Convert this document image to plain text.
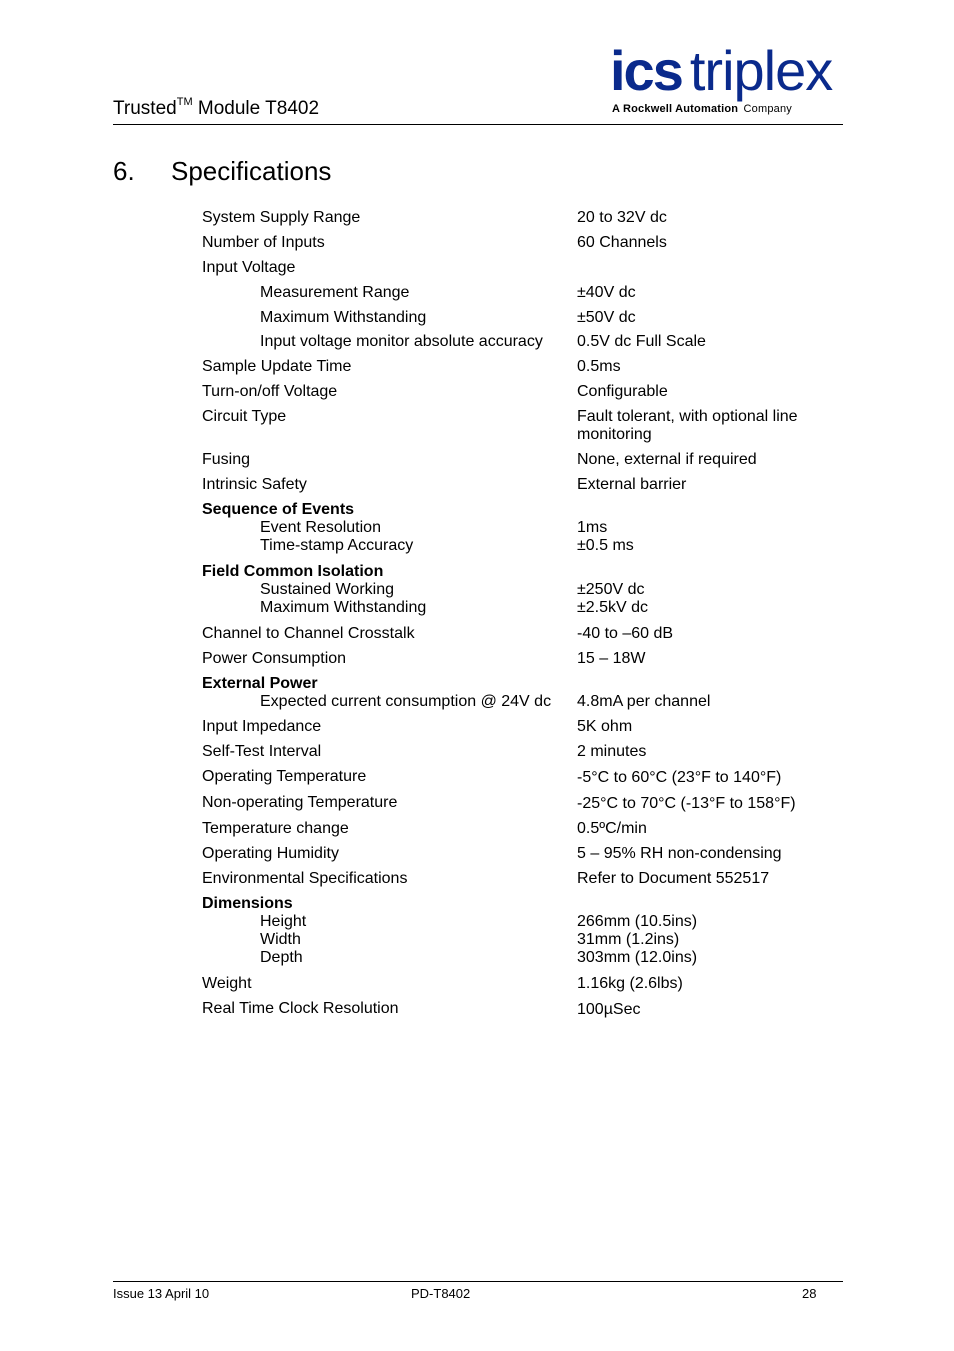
Trusted™ Module T8402
ics triplex
A Rockwell Automation Company
6. Specifications
System Supply Range	20 to 32V dc
Number of Inputs	60 Channels
Input Voltage
Measurement Range	±40V dc
Maximum Withstanding	±50V dc
Input voltage monitor absolute accuracy 0.5V dc Full Scale
Sample Update Time	0.5ms
Turn-on/off Voltage	Configurable
Circuit Type	Fault tolerant, with optional line monitoring
Fusing	None, external if required
Intrinsic Safety	External barrier
Sequence of Events
Event Resolution	1ms
Time-stamp Accuracy	±0.5 ms
Field Common Isolation
Sustained Working	±250V dc
Maximum Withstanding	±2.5kV dc
Channel to Channel Crosstalk	-40 to –60 dB
Power Consumption	15 – 18W
External Power
Expected current consumption @ 24V dc 4.8mA per channel
Input Impedance	5K ohm
Self-Test Interval	2 minutes
Operating Temperature	-5°C to 60°C (23°F to 140°F)
Non-operating Temperature	-25°C to 70°C (-13°F to 158°F)
Temperature change	0.5ºC/min
Operating Humidity	5 – 95% RH non-condensing
Environmental Specifications	Refer to Document 552517
Dimensions
Height	266mm (10.5ins)
Width	31mm (1.2ins)
Depth	303mm (12.0ins)
Weight	1.16kg (2.6lbs)
Real Time Clock Resolution	100µSec
Issue 13 April 10	PD-T8402	28
